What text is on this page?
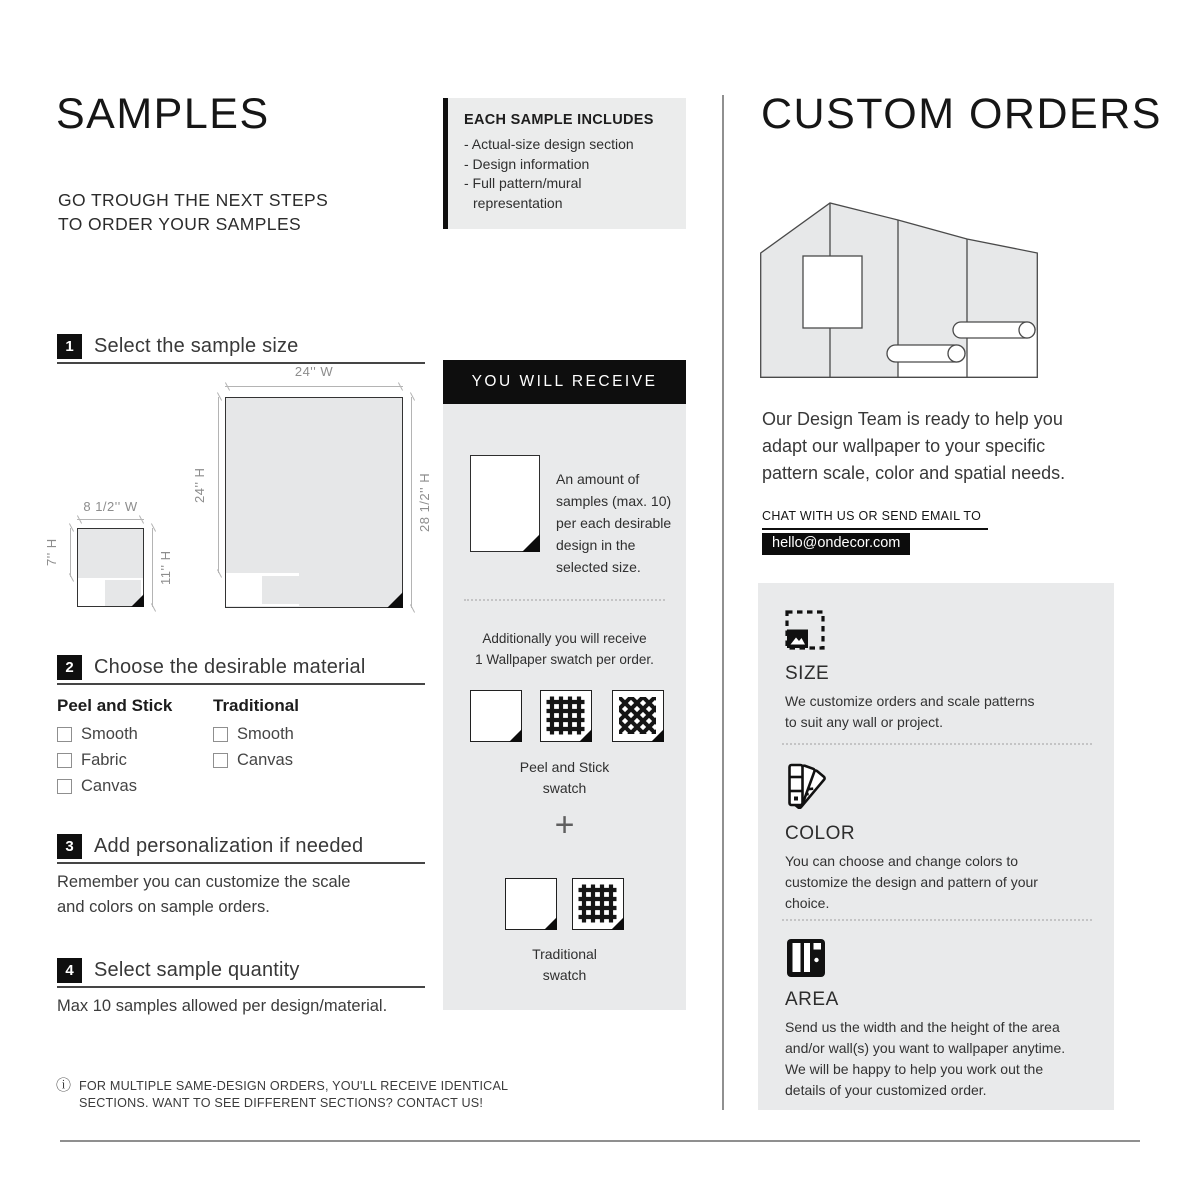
SAMPLES
GO TROUGH THE NEXT STEPS
TO ORDER YOUR SAMPLES
1	Select the sample size
8 1/2'' W
7'' H	11'' H
24'' W
24'' H	28 1/2'' H
2	Choose the desirable material
Peel and Stick
Smooth
Fabric
Canvas
Traditional
Smooth
Canvas
3	Add personalization if needed
Remember you can customize the scale
and colors on sample orders.
4	Select sample quantity
Max 10 samples allowed per design/material.
ⓘ FOR MULTIPLE SAME-DESIGN ORDERS, YOU'LL RECEIVE IDENTICAL
SECTIONS. WANT TO SEE DIFFERENT SECTIONS? CONTACT US!
EACH SAMPLE INCLUDES
- Actual-size design section
- Design information
- Full pattern/mural
representation
YOU WILL RECEIVE
An amount of
samples (max. 10)
per each desirable
design in the
selected size.
Additionally you will receive
1 Wallpaper swatch per order.
Peel and Stick
swatch
+
Traditional
swatch
CUSTOM ORDERS
Our Design Team is ready to help you
adapt our wallpaper to your specific
pattern scale, color and spatial needs.
CHAT WITH US OR SEND EMAIL TO
hello@ondecor.com
SIZE
We customize orders and scale patterns
to suit any wall or project.
COLOR
You can choose and change colors to
customize the design and pattern of your
choice.
AREA
Send us the width and the height of the area
and/or wall(s) you want to wallpaper anytime.
We will be happy to help you work out the
details of your customized order.
